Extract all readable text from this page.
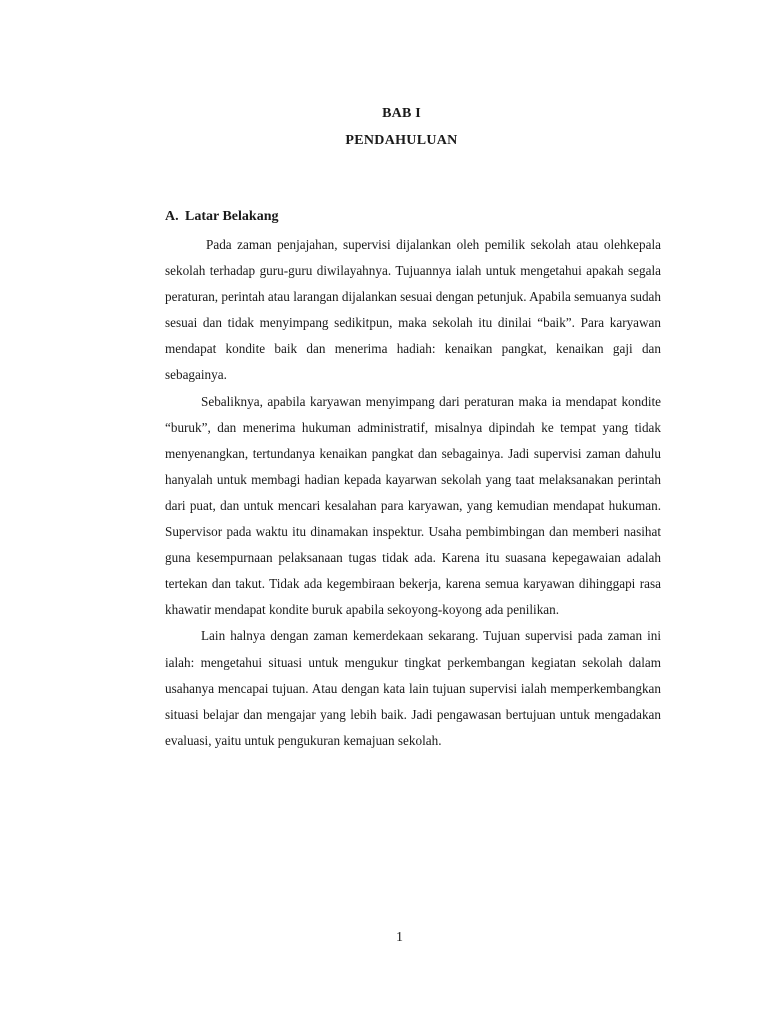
BAB I
PENDAHULUAN
A. Latar Belakang

Pada zaman penjajahan, supervisi dijalankan oleh pemilik sekolah atau olehkepala sekolah terhadap guru-guru diwilayahnya. Tujuannya ialah untuk mengetahui apakah segala peraturan, perintah atau larangan dijalankan sesuai dengan petunjuk. Apabila semuanya sudah sesuai dan tidak menyimpang sedikitpun, maka sekolah itu dinilai “baik”. Para karyawan mendapat kondite baik dan menerima hadiah: kenaikan pangkat, kenaikan gaji dan sebagainya.

Sebaliknya, apabila karyawan menyimpang dari peraturan maka ia mendapat kondite “buruk”, dan menerima hukuman administratif, misalnya dipindah ke tempat yang tidak menyenangkan, tertundanya kenaikan pangkat dan sebagainya. Jadi supervisi zaman dahulu hanyalah untuk membagi hadian kepada kayarwan sekolah yang taat melaksanakan perintah dari puat, dan untuk mencari kesalahan para karyawan, yang kemudian mendapat hukuman. Supervisor pada waktu itu dinamakan inspektur. Usaha pembimbingan dan memberi nasihat guna kesempurnaan pelaksanaan tugas tidak ada. Karena itu suasana kepegawaian adalah tertekan dan takut. Tidak ada kegembiraan bekerja, karena semua karyawan dihinggapi rasa khawatir mendapat kondite buruk apabila sekoyong-koyong ada penilikan.

Lain halnya dengan zaman kemerdekaan sekarang. Tujuan supervisi pada zaman ini ialah: mengetahui situasi untuk mengukur tingkat perkembangan kegiatan sekolah dalam usahanya mencapai tujuan. Atau dengan kata lain tujuan supervisi ialah memperkembangkan situasi belajar dan mengajar yang lebih baik. Jadi pengawasan bertujuan untuk mengadakan evaluasi, yaitu untuk pengukuran kemajuan sekolah.

1
